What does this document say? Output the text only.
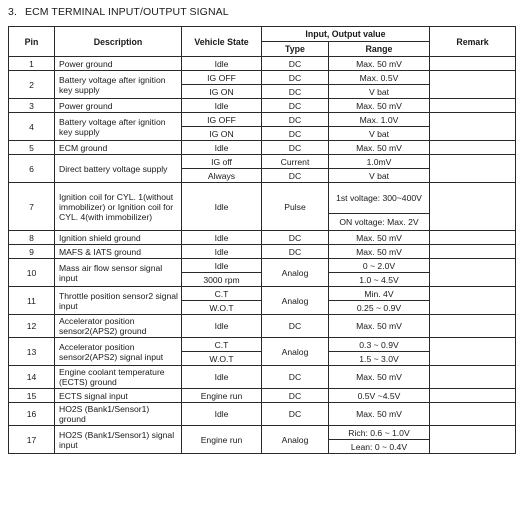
3. ECM TERMINAL INPUT/OUTPUT SIGNAL
Pin	Description	Vehicle State	Input, Output value		Remark
			Type	Range	
1	Power ground	Idle	DC	Max. 50 mV	
2	Battery voltage after ignition key supply	IG OFF	DC	Max. 0.5V	
		IG ON	DC	V bat	
3	Power ground	Idle	DC	Max. 50 mV	
4	Battery voltage after ignition key supply	IG OFF	DC	Max. 1.0V	
		IG ON	DC	V bat	
5	ECM ground	Idle	DC	Max. 50 mV	
6	Direct battery voltage supply	IG off	Current	1.0mV	
		Always	DC	V bat	
7	Ignition coil for CYL. 1(without immobilizer) or Ignition coil for CYL. 4(with immobilizer)	Idle	Pulse	1st voltage: 300~400V	
				ON voltage: Max. 2V	
8	Ignition shield ground	Idle	DC	Max. 50 mV	
9	MAFS & IATS ground	Idle	DC	Max. 50 mV	
10	Mass air flow sensor signal input	Idle	Analog	0 ~ 2.0V	
		3000 rpm		1.0 ~ 4.5V	
11	Throttle position sensor2 signal input	C.T	Analog	Min. 4V	
		W.O.T		0.25 ~ 0.9V	
12	Accelerator position sensor2(APS2) ground	Idle	DC	Max. 50 mV	
13	Accelerator position sensor2(APS2) signal input	C.T	Analog	0.3 ~ 0.9V	
		W.O.T		1.5 ~ 3.0V	
14	Engine coolant temperature (ECTS) ground	Idle	DC	Max. 50 mV	
15	ECTS signal input	Engine run	DC	0.5V ~4.5V	
16	HO2S (Bank1/Sensor1) ground	Idle	DC	Max. 50 mV	
17	HO2S (Bank1/Sensor1) signal input	Engine run	Analog	Rich: 0.6 ~ 1.0V	
				Lean: 0 ~ 0.4V	
